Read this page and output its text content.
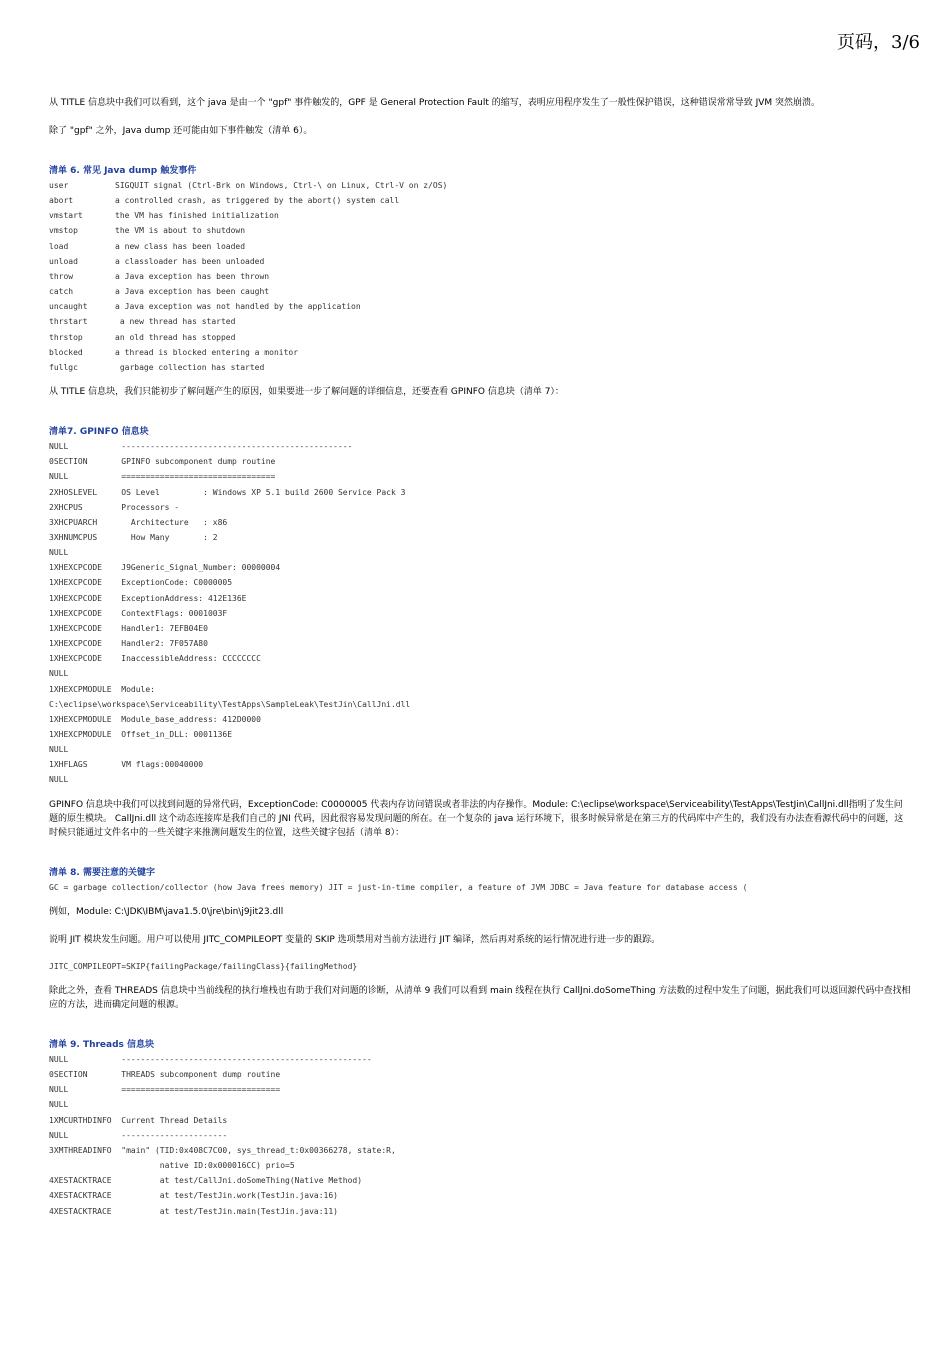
页码，3/6

从 TITLE 信息块中我们可以看到，这个 java 是由一个 "gpf" 事件触发的，GPF 是 General Protection Fault 的缩写，表明应用程序发生了一般性保护错误，这种错误常常导致 JVM 突然崩溃。

除了 "gpf" 之外，Java dump 还可能由如下事件触发（清单 6）。

清单 6. 常见 Java dump 触发事件
user	SIGQUIT signal (Ctrl-Brk on Windows, Ctrl-\ on Linux, Ctrl-V on z/OS)
abort	a controlled crash, as triggered by the abort() system call
vmstart	the VM has finished initialization
vmstop	the VM is about to shutdown
load	a new class has been loaded
unload	a classloader has been unloaded
throw	a Java exception has been thrown
catch	a Java exception has been caught
uncaught	a Java exception was not handled by the application
thrstart	a new thread has started
thrstop	an old thread has stopped
blocked	a thread is blocked entering a monitor
fullgc	garbage collection has started

从 TITLE 信息块，我们只能初步了解问题产生的原因，如果要进一步了解问题的详细信息，还要查看 GPINFO 信息块（清单 7）：

清单7. GPINFO 信息块
NULL           ------------------------------------------------
0SECTION       GPINFO subcomponent dump routine
NULL           ================================
2XHOSLEVEL     OS Level         : Windows XP 5.1 build 2600 Service Pack 3
2XHCPUS        Processors -
3XHCPUARCH       Architecture   : x86
3XHNUMCPUS       How Many       : 2
NULL
1XHEXCPCODE    J9Generic_Signal_Number: 00000004
1XHEXCPCODE    ExceptionCode: C0000005
1XHEXCPCODE    ExceptionAddress: 412E136E
1XHEXCPCODE    ContextFlags: 0001003F
1XHEXCPCODE    Handler1: 7EFB04E0
1XHEXCPCODE    Handler2: 7F057A80
1XHEXCPCODE    InaccessibleAddress: CCCCCCCC
NULL
1XHEXCPMODULE  Module:
C:\eclipse\workspace\Serviceability\TestApps\SampleLeak\TestJin\CallJni.dll
1XHEXCPMODULE  Module_base_address: 412D0000
1XHEXCPMODULE  Offset_in_DLL: 0001136E
NULL
1XHFLAGS       VM flags:00040000
NULL

GPINFO 信息块中我们可以找到问题的异常代码，ExceptionCode: C0000005 代表内存访问错误或者非法的内存操作。Module: C:\eclipse\workspace\Serviceability\TestApps\TestJin\CallJni.dll指明了发生问题的原生模块。 CallJni.dll 这个动态连接库是我们自己的 JNI 代码，因此很容易发现问题的所在。在一个复杂的 java 运行环境下，很多时候异常是在第三方的代码库中产生的，我们没有办法查看源代码中的问题，这时候只能通过文件名中的一些关键字来推测问题发生的位置，这些关键字包括（清单 8）：

清单 8. 需要注意的关键字
GC = garbage collection/collector (how Java frees memory) JIT = just-in-time compiler, a feature of JVM JDBC = Java feature for database access (

例如，Module: C:\JDK\IBM\java1.5.0\jre\bin\j9jit23.dll

说明 JIT 模块发生问题。用户可以使用 JITC_COMPILEOPT 变量的 SKIP 选项禁用对当前方法进行 JIT 编译，然后再对系统的运行情况进行进一步的跟踪。

JITC_COMPILEOPT=SKIP{failingPackage/failingClass}{failingMethod}

除此之外，查看 THREADS 信息块中当前线程的执行堆栈也有助于我们对问题的诊断，从清单 9 我们可以看到 main 线程在执行 CallJni.doSomeThing 方法数的过程中发生了问题，据此我们可以返回源代码中查找相应的方法，进而确定问题的根源。

清单 9. Threads 信息块
NULL           ----------------------------------------------------
0SECTION       THREADS subcomponent dump routine
NULL           =================================
NULL
1XMCURTHDINFO  Current Thread Details
NULL           ----------------------
3XMTHREADINFO  "main" (TID:0x408C7C00, sys_thread_t:0x00366278, state:R,
native ID:0x000016CC) prio=5
4XESTACKTRACE          at test/CallJni.doSomeThing(Native Method)
4XESTACKTRACE          at test/TestJin.work(TestJin.java:16)
4XESTACKTRACE          at test/TestJin.main(TestJin.java:11)
